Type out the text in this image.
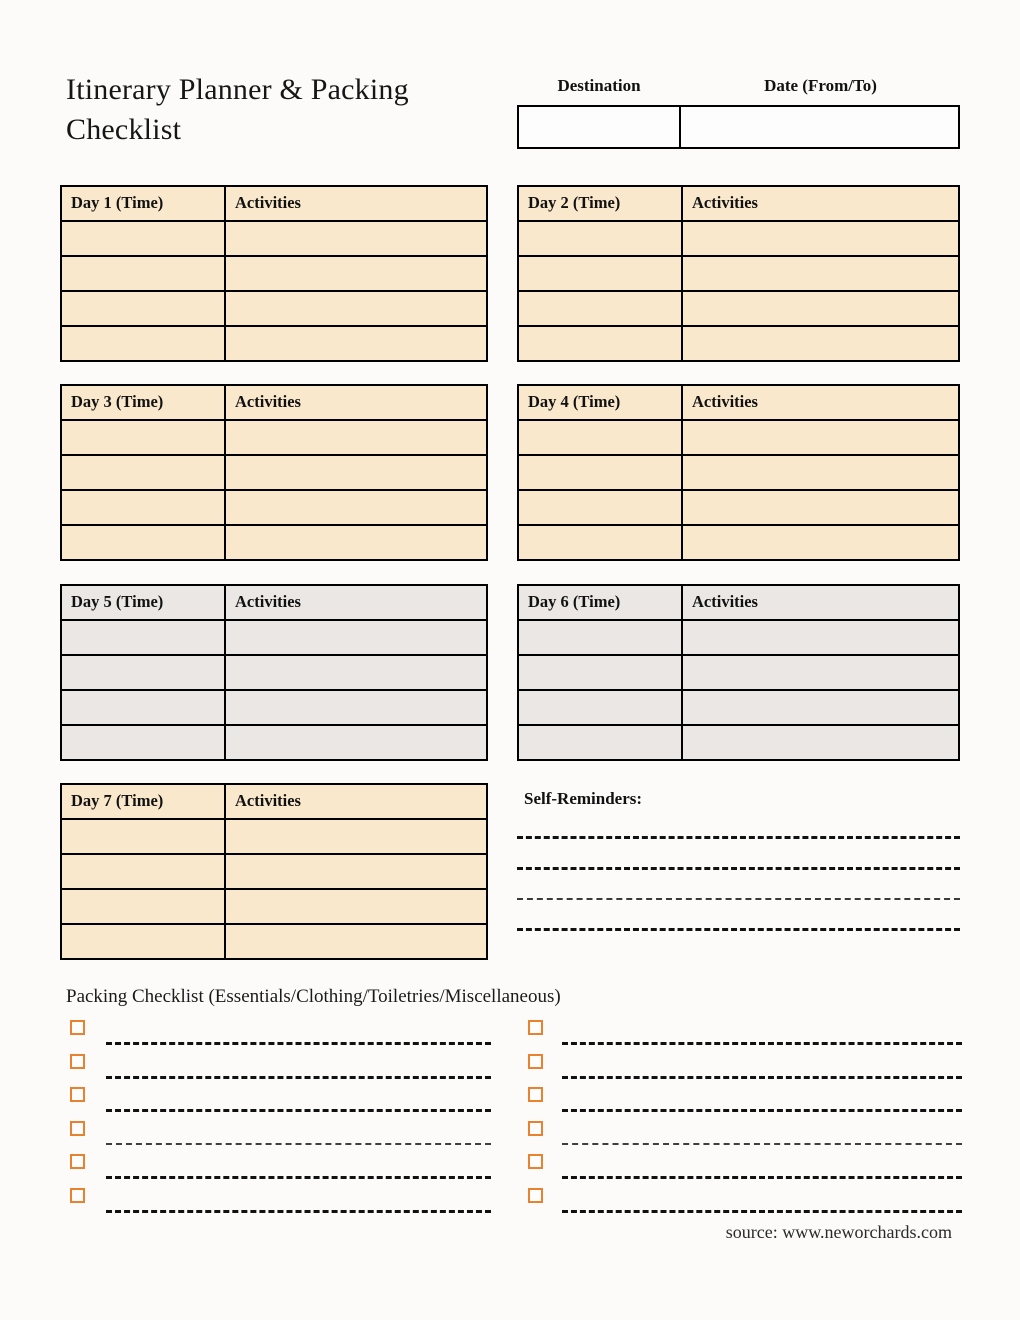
Itinerary Planner & Packing Checklist
Destination	Date (From/To)
Day 1 (Time)	Activities	Day 2 (Time)	Activities
Day 3 (Time)	Activities	Day 4 (Time)	Activities
Day 5 (Time)	Activities	Day 6 (Time)	Activities
Day 7 (Time)	Activities	Self-Reminders:
Packing Checklist (Essentials/Clothing/Toiletries/Miscellaneous)
source: www.neworchards.com
